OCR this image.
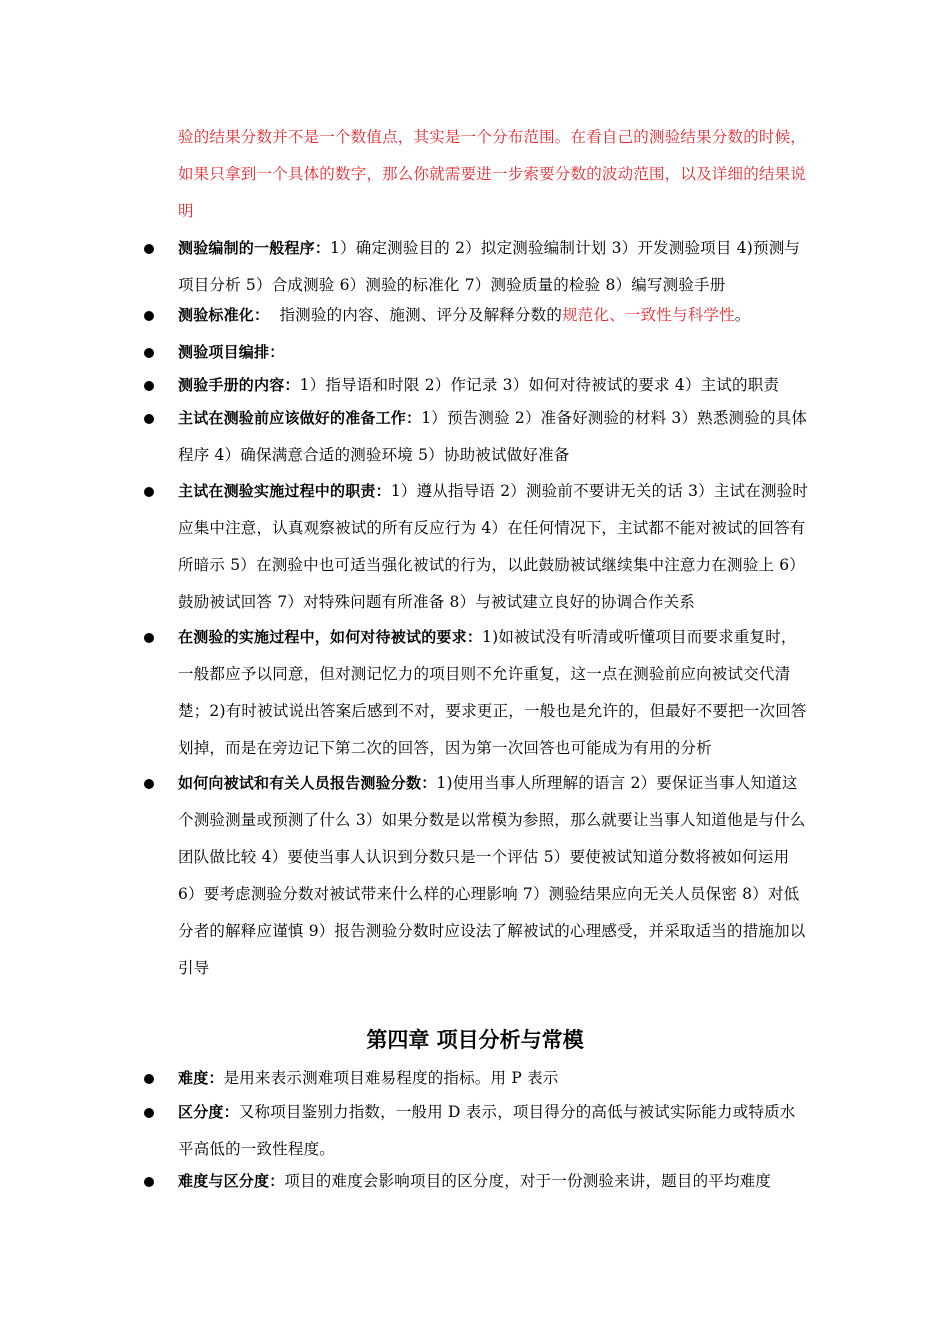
验的结果分数并不是一个数值点，其实是一个分布范围。在看自己的测验结果分数的时候，如果只拿到一个具体的数字，那么你就需要进一步索要分数的波动范围，以及详细的结果说明
测验编制的一般程序：1）确定测验目的 2）拟定测验编制计划 3）开发测验项目 4)预测与项目分析 5）合成测验 6）测验的标准化 7）测验质量的检验 8）编写测验手册
测验标准化： 指测验的内容、施测、评分及解释分数的规范化、一致性与科学性。
测验项目编排：
测验手册的内容：1）指导语和时限 2）作记录 3）如何对待被试的要求 4）主试的职责
主试在测验前应该做好的准备工作：1）预告测验 2）准备好测验的材料 3）熟悉测验的具体程序 4）确保满意合适的测验环境 5）协助被试做好准备
主试在测验实施过程中的职责：1）遵从指导语 2）测验前不要讲无关的话 3）主试在测验时应集中注意，认真观察被试的所有反应行为 4）在任何情况下，主试都不能对被试的回答有所暗示 5）在测验中也可适当强化被试的行为，以此鼓励被试继续集中注意力在测验上 6）鼓励被试回答 7）对特殊问题有所准备 8）与被试建立良好的协调合作关系
在测验的实施过程中，如何对待被试的要求：1)如被试没有听清或听懂项目而要求重复时，一般都应予以同意，但对测记忆力的项目则不允许重复，这一点在测验前应向被试交代清楚；2)有时被试说出答案后感到不对，要求更正，一般也是允许的，但最好不要把一次回答划掉，而是在旁边记下第二次的回答，因为第一次回答也可能成为有用的分析
如何向被试和有关人员报告测验分数：1)使用当事人所理解的语言 2）要保证当事人知道这个测验测量或预测了什么 3）如果分数是以常模为参照，那么就要让当事人知道他是与什么团队做比较 4）要使当事人认识到分数只是一个评估 5）要使被试知道分数将被如何运用 6）要考虑测验分数对被试带来什么样的心理影响 7）测验结果应向无关人员保密 8）对低分者的解释应谨慎 9）报告测验分数时应设法了解被试的心理感受，并采取适当的措施加以引导
第四章 项目分析与常模
难度：是用来表示测难项目难易程度的指标。用 P 表示
区分度：又称项目鉴别力指数，一般用 D 表示，项目得分的高低与被试实际能力或特质水平高低的一致性程度。
难度与区分度：项目的难度会影响项目的区分度，对于一份测验来讲，题目的平均难度
